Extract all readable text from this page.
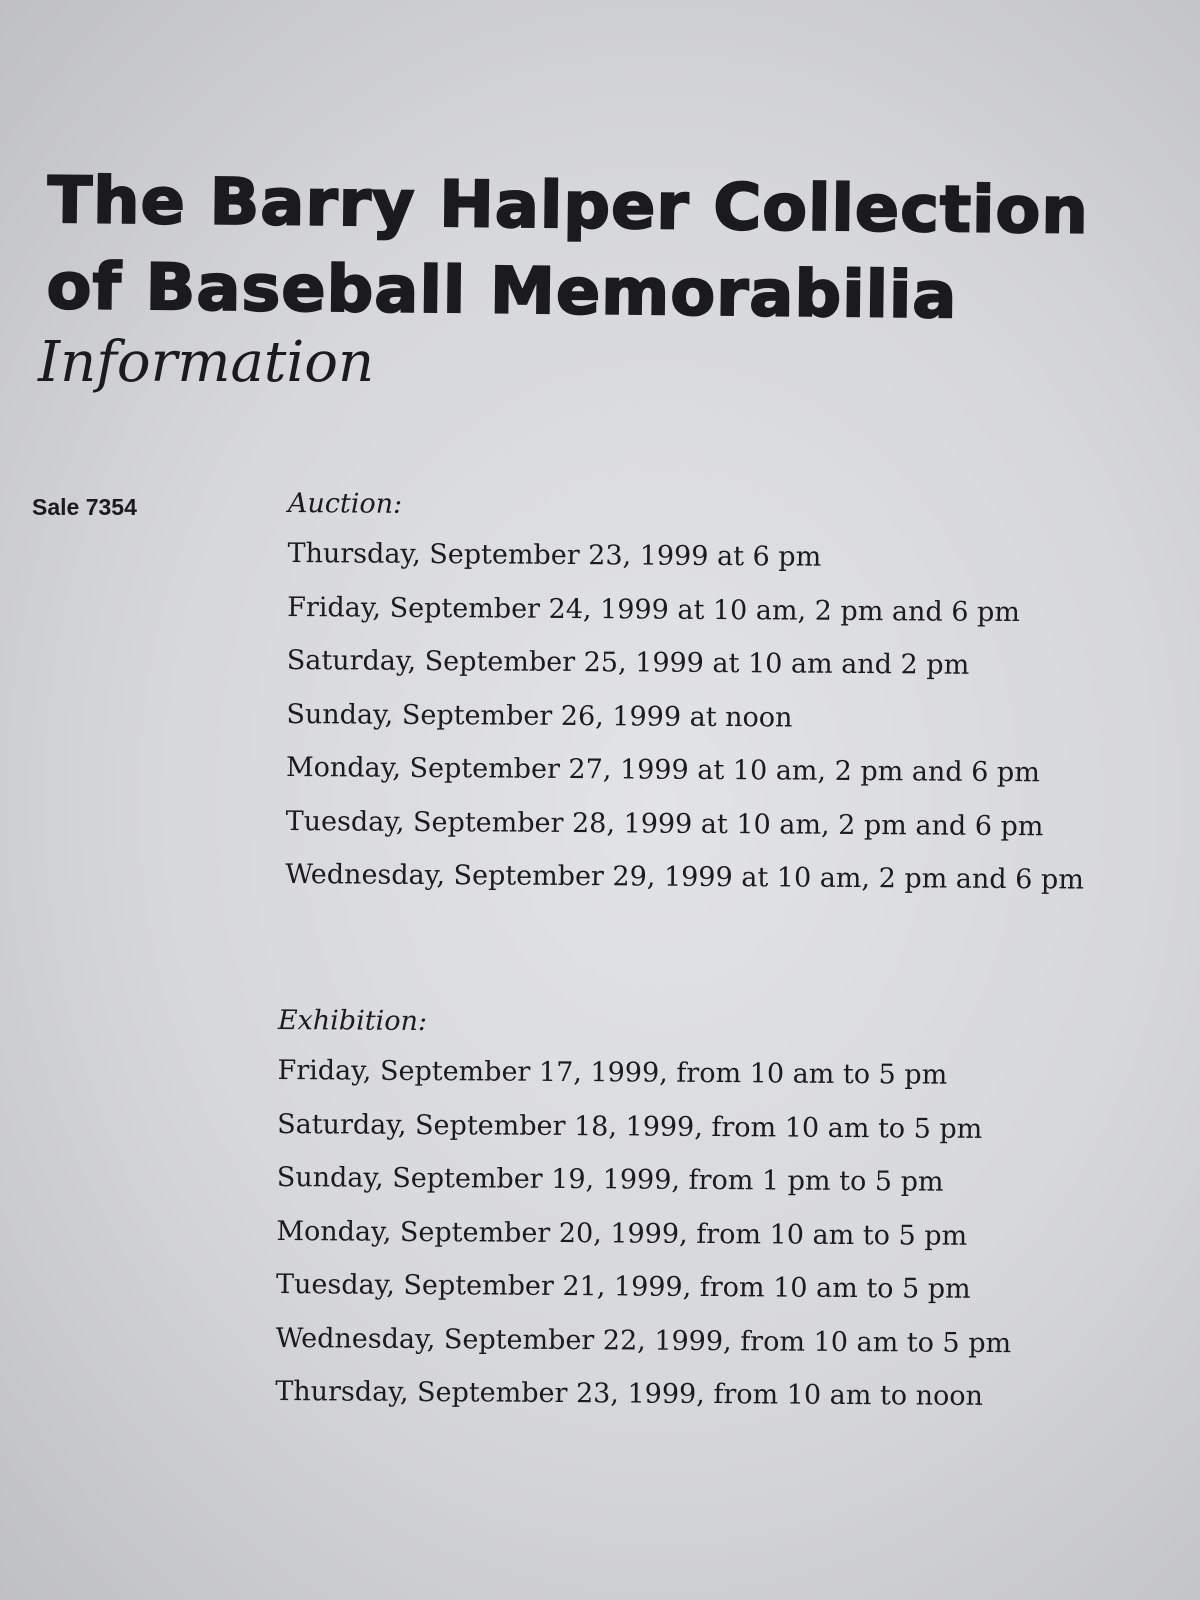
The Barry Halper Collection
of Baseball Memorabilia
Information
Sale 7354	Auction:
Thursday, September 23, 1999 at 6 pm
Friday, September 24, 1999 at 10 am, 2 pm and 6 pm
Saturday, September 25, 1999 at 10 am and 2 pm
Sunday, September 26, 1999 at noon
Monday, September 27, 1999 at 10 am, 2 pm and 6 pm
Tuesday, September 28, 1999 at 10 am, 2 pm and 6 pm
Wednesday, September 29, 1999 at 10 am, 2 pm and 6 pm
Exhibition:
Friday, September 17, 1999, from 10 am to 5 pm
Saturday, September 18, 1999, from 10 am to 5 pm
Sunday, September 19, 1999, from 1 pm to 5 pm
Monday, September 20, 1999, from 10 am to 5 pm
Tuesday, September 21, 1999, from 10 am to 5 pm
Wednesday, September 22, 1999, from 10 am to 5 pm
Thursday, September 23, 1999, from 10 am to noon
